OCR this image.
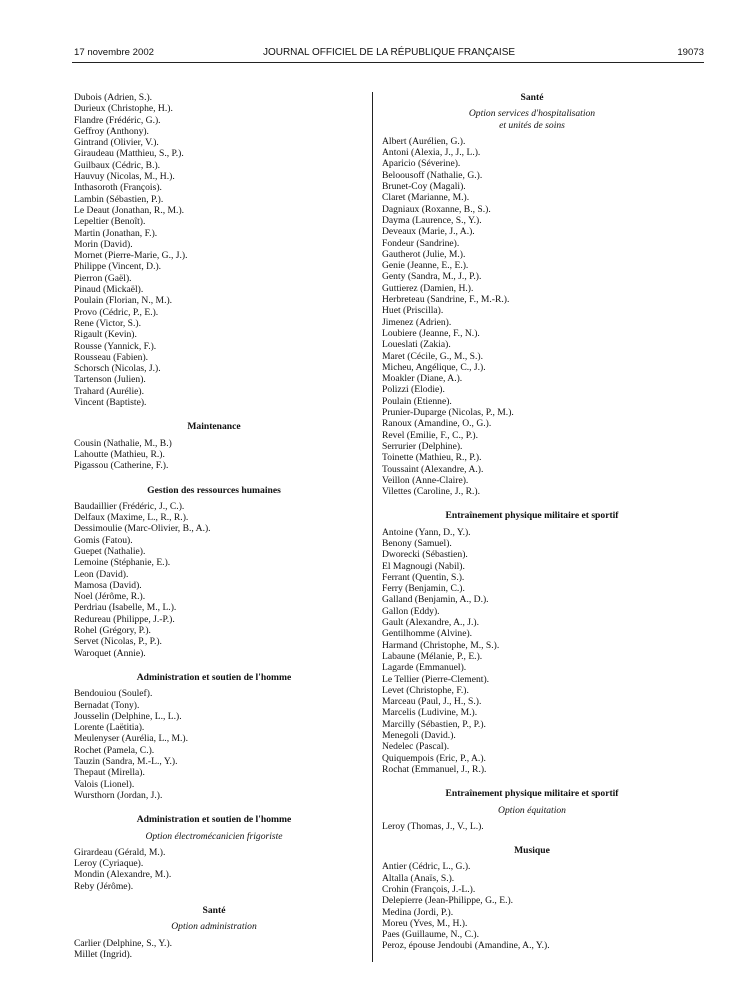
17 novembre 2002	JOURNAL OFFICIEL DE LA RÉPUBLIQUE FRANÇAISE	19073
Dubois (Adrien, S.).
Durieux (Christophe, H.).
Flandre (Frédéric, G.).
Geffroy (Anthony).
Gintrand (Olivier, V.).
Giraudeau (Matthieu, S., P.).
Guilbaux (Cédric, B.).
Hauvuy (Nicolas, M., H.).
Inthasoroth (François).
Lambin (Sébastien, P.).
Le Deaut (Jonathan, R., M.).
Lepeltier (Benoît).
Martin (Jonathan, F.).
Morin (David).
Mornet (Pierre-Marie, G., J.).
Philippe (Vincent, D.).
Pierron (Gaël).
Pinaud (Mickaël).
Poulain (Florian, N., M.).
Provo (Cédric, P., E.).
Rene (Victor, S.).
Rigault (Kevin).
Rousse (Yannick, F.).
Rousseau (Fabien).
Schorsch (Nicolas, J.).
Tartenson (Julien).
Trahard (Aurélie).
Vincent (Baptiste).
Maintenance
Cousin (Nathalie, M., B.)
Lahoutte (Mathieu, R.).
Pigassou (Catherine, F.).
Gestion des ressources humaines
Baudaillier (Frédéric, J., C.).
Delfaux (Maxime, L., R., R.).
Dessimoulie (Marc-Olivier, B., A.).
Gomis (Fatou).
Guepet (Nathalie).
Lemoine (Stéphanie, E.).
Leon (David).
Mamosa (David).
Noel (Jérôme, R.).
Perdriau (Isabelle, M., L.).
Redureau (Philippe, J.-P.).
Rohel (Grégory, P.).
Servet (Nicolas, P., P.).
Waroquet (Annie).
Administration et soutien de l'homme
Bendouiou (Soulef).
Bernadat (Tony).
Jousselin (Delphine, L., L.).
Lorente (Laëtitia).
Meulenyser (Aurélia, L., M.).
Rochet (Pamela, C.).
Tauzin (Sandra, M.-L., Y.).
Thepaut (Mirella).
Valois (Lionel).
Wursthorn (Jordan, J.).
Administration et soutien de l'homme
Option électromécanicien frigoriste
Girardeau (Gérald, M.).
Leroy (Cyriaque).
Mondin (Alexandre, M.).
Reby (Jérôme).
Santé
Option administration
Carlier (Delphine, S., Y.).
Millet (Ingrid).
Santé
Option services d'hospitalisation
et unités de soins
Albert (Aurélien, G.).
Antoni (Alexia, J., J., L.).
Aparicio (Séverine).
Beloousoff (Nathalie, G.).
Brunet-Coy (Magali).
Claret (Marianne, M.).
Dagniaux (Roxanne, B., S.).
Dayma (Laurence, S., Y.).
Deveaux (Marie, J., A.).
Fondeur (Sandrine).
Gautherot (Julie, M.).
Genie (Jeanne, E., E.).
Genty (Sandra, M., J., P.).
Guttierez (Damien, H.).
Herbreteau (Sandrine, F., M.-R.).
Huet (Priscilla).
Jimenez (Adrien).
Loubiere (Jeanne, F., N.).
Loueslati (Zakia).
Maret (Cécile, G., M., S.).
Micheu, Angélique, C., J.).
Moakler (Diane, A.).
Polizzi (Elodie).
Poulain (Etienne).
Prunier-Duparge (Nicolas, P., M.).
Ranoux (Amandine, O., G.).
Revel (Emilie, F., C., P.).
Serrurier (Delphine).
Toinette (Mathieu, R., P.).
Toussaint (Alexandre, A.).
Veillon (Anne-Claire).
Vilettes (Caroline, J., R.).
Entraînement physique militaire et sportif
Antoine (Yann, D., Y.).
Benony (Samuel).
Dworecki (Sébastien).
El Magnougi (Nabil).
Ferrant (Quentin, S.).
Ferry (Benjamin, C.).
Galland (Benjamin, A., D.).
Gallon (Eddy).
Gault (Alexandre, A., J.).
Gentilhomme (Alvine).
Harmand (Christophe, M., S.).
Labaune (Mélanie, P., E.).
Lagarde (Emmanuel).
Le Tellier (Pierre-Clement).
Levet (Christophe, F.).
Marceau (Paul, J., H., S.).
Marcelis (Ludivine, M.).
Marcilly (Sébastien, P., P.).
Menegoli (David.).
Nedelec (Pascal).
Quiquempois (Eric, P., A.).
Rochat (Emmanuel, J., R.).
Entraînement physique militaire et sportif
Option équitation
Leroy (Thomas, J., V., L.).
Musique
Antier (Cédric, L., G.).
Altalla (Anaïs, S.).
Crohin (François, J.-L.).
Delepierre (Jean-Philippe, G., E.).
Medina (Jordi, P.).
Moreu (Yves, M., H.).
Paes (Guillaume, N., C.).
Peroz, épouse Jendoubi (Amandine, A., Y.).
